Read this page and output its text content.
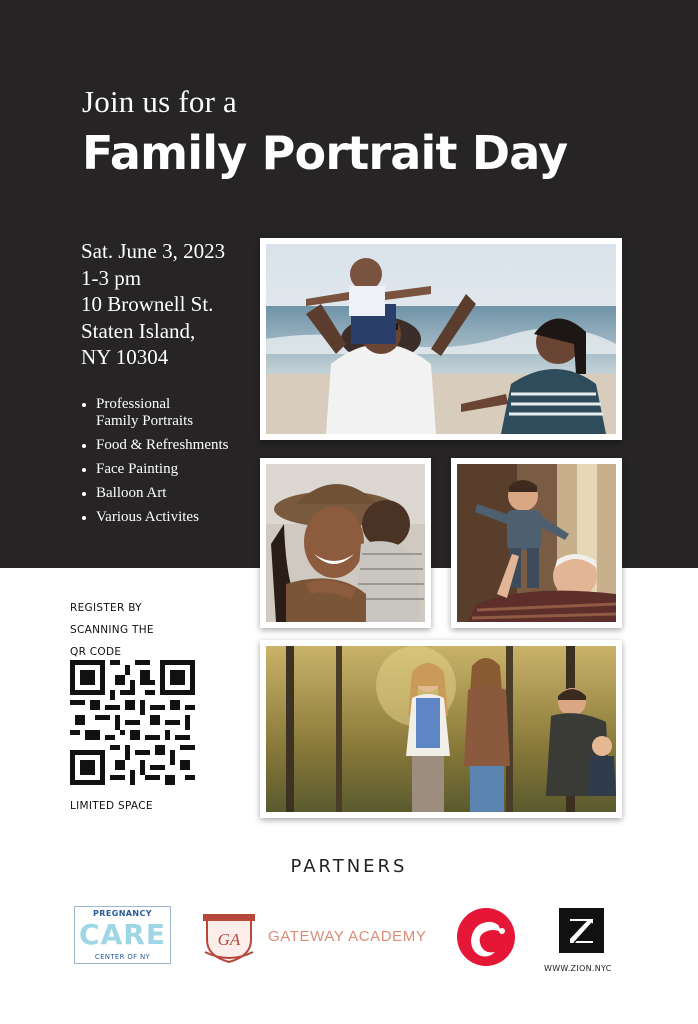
Join us for a
Family Portrait Day
Sat. June 3, 2023
1-3 pm
10 Brownell St.
Staten Island,
NY 10304
Professional
Family Portraits
Food & Refreshments
Face Painting
Balloon Art
Various Activites
REGISTER BY
SCANNING THE
QR CODE
LIMITED SPACE
PARTNERS
PREGNANCY
CARE
CENTER OF NY
GA GATEWAY ACADEMY
WWW.ZION.NYC
